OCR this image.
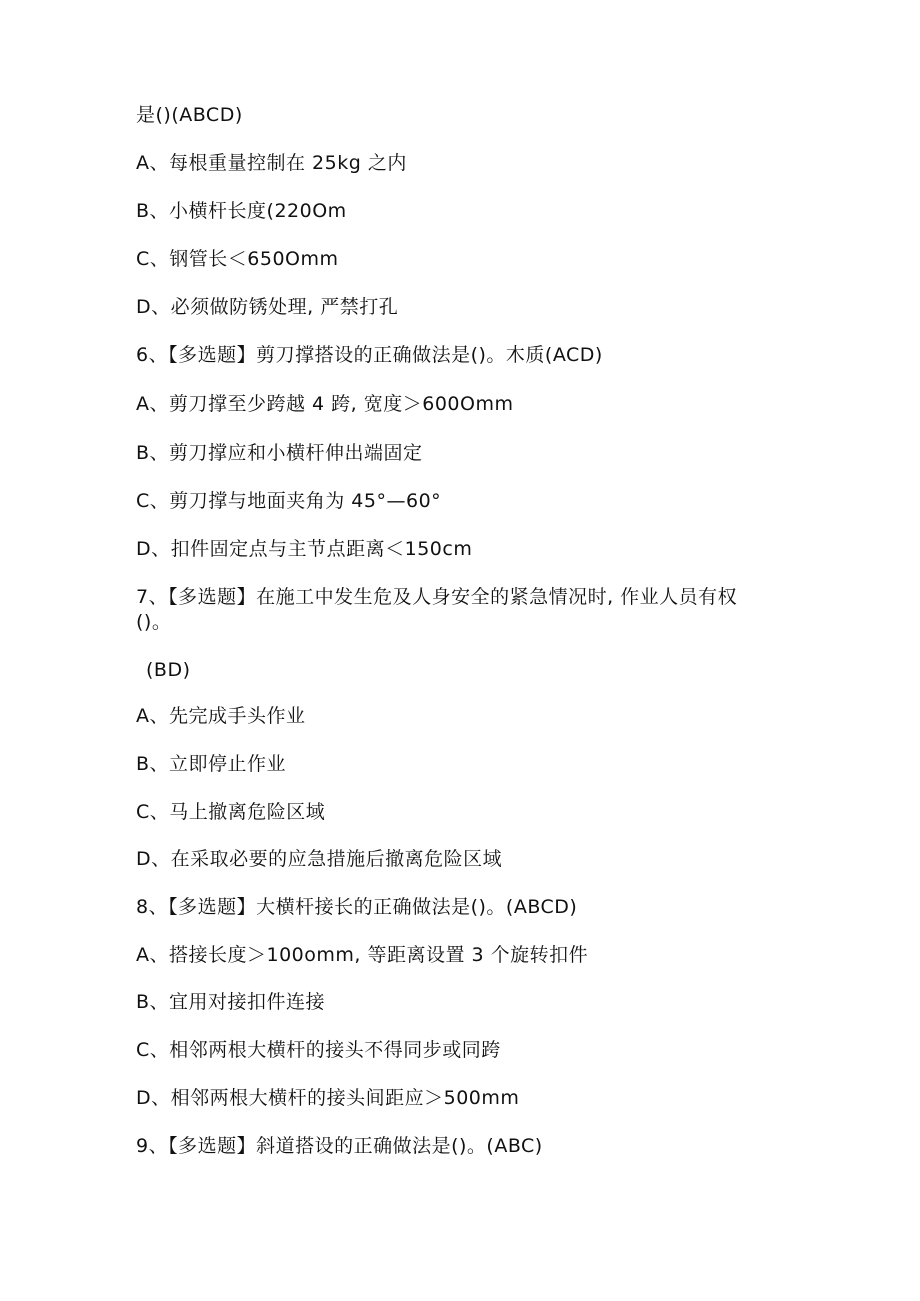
是()(ABCD)
A、每根重量控制在 25kg 之内
B、小横杆长度(220Om
C、钢管长＜650Omm
D、必须做防锈处理, 严禁打孔
6、【多选题】剪刀撑搭设的正确做法是()。木质(ACD)
A、剪刀撑至少跨越 4 跨, 宽度＞600Omm
B、剪刀撑应和小横杆伸出端固定
C、剪刀撑与地面夹角为 45°—60°
D、扣件固定点与主节点距离＜150cm
7、【多选题】在施工中发生危及人身安全的紧急情况时, 作业人员有权
()。
(BD)
A、先完成手头作业
B、立即停止作业
C、马上撤离危险区域
D、在采取必要的应急措施后撤离危险区域
8、【多选题】大横杆接长的正确做法是()。(ABCD)
A、搭接长度＞100omm, 等距离设置 3 个旋转扣件
B、宜用对接扣件连接
C、相邻两根大横杆的接头不得同步或同跨
D、相邻两根大横杆的接头间距应＞500mm
9、【多选题】斜道搭设的正确做法是()。(ABC)
